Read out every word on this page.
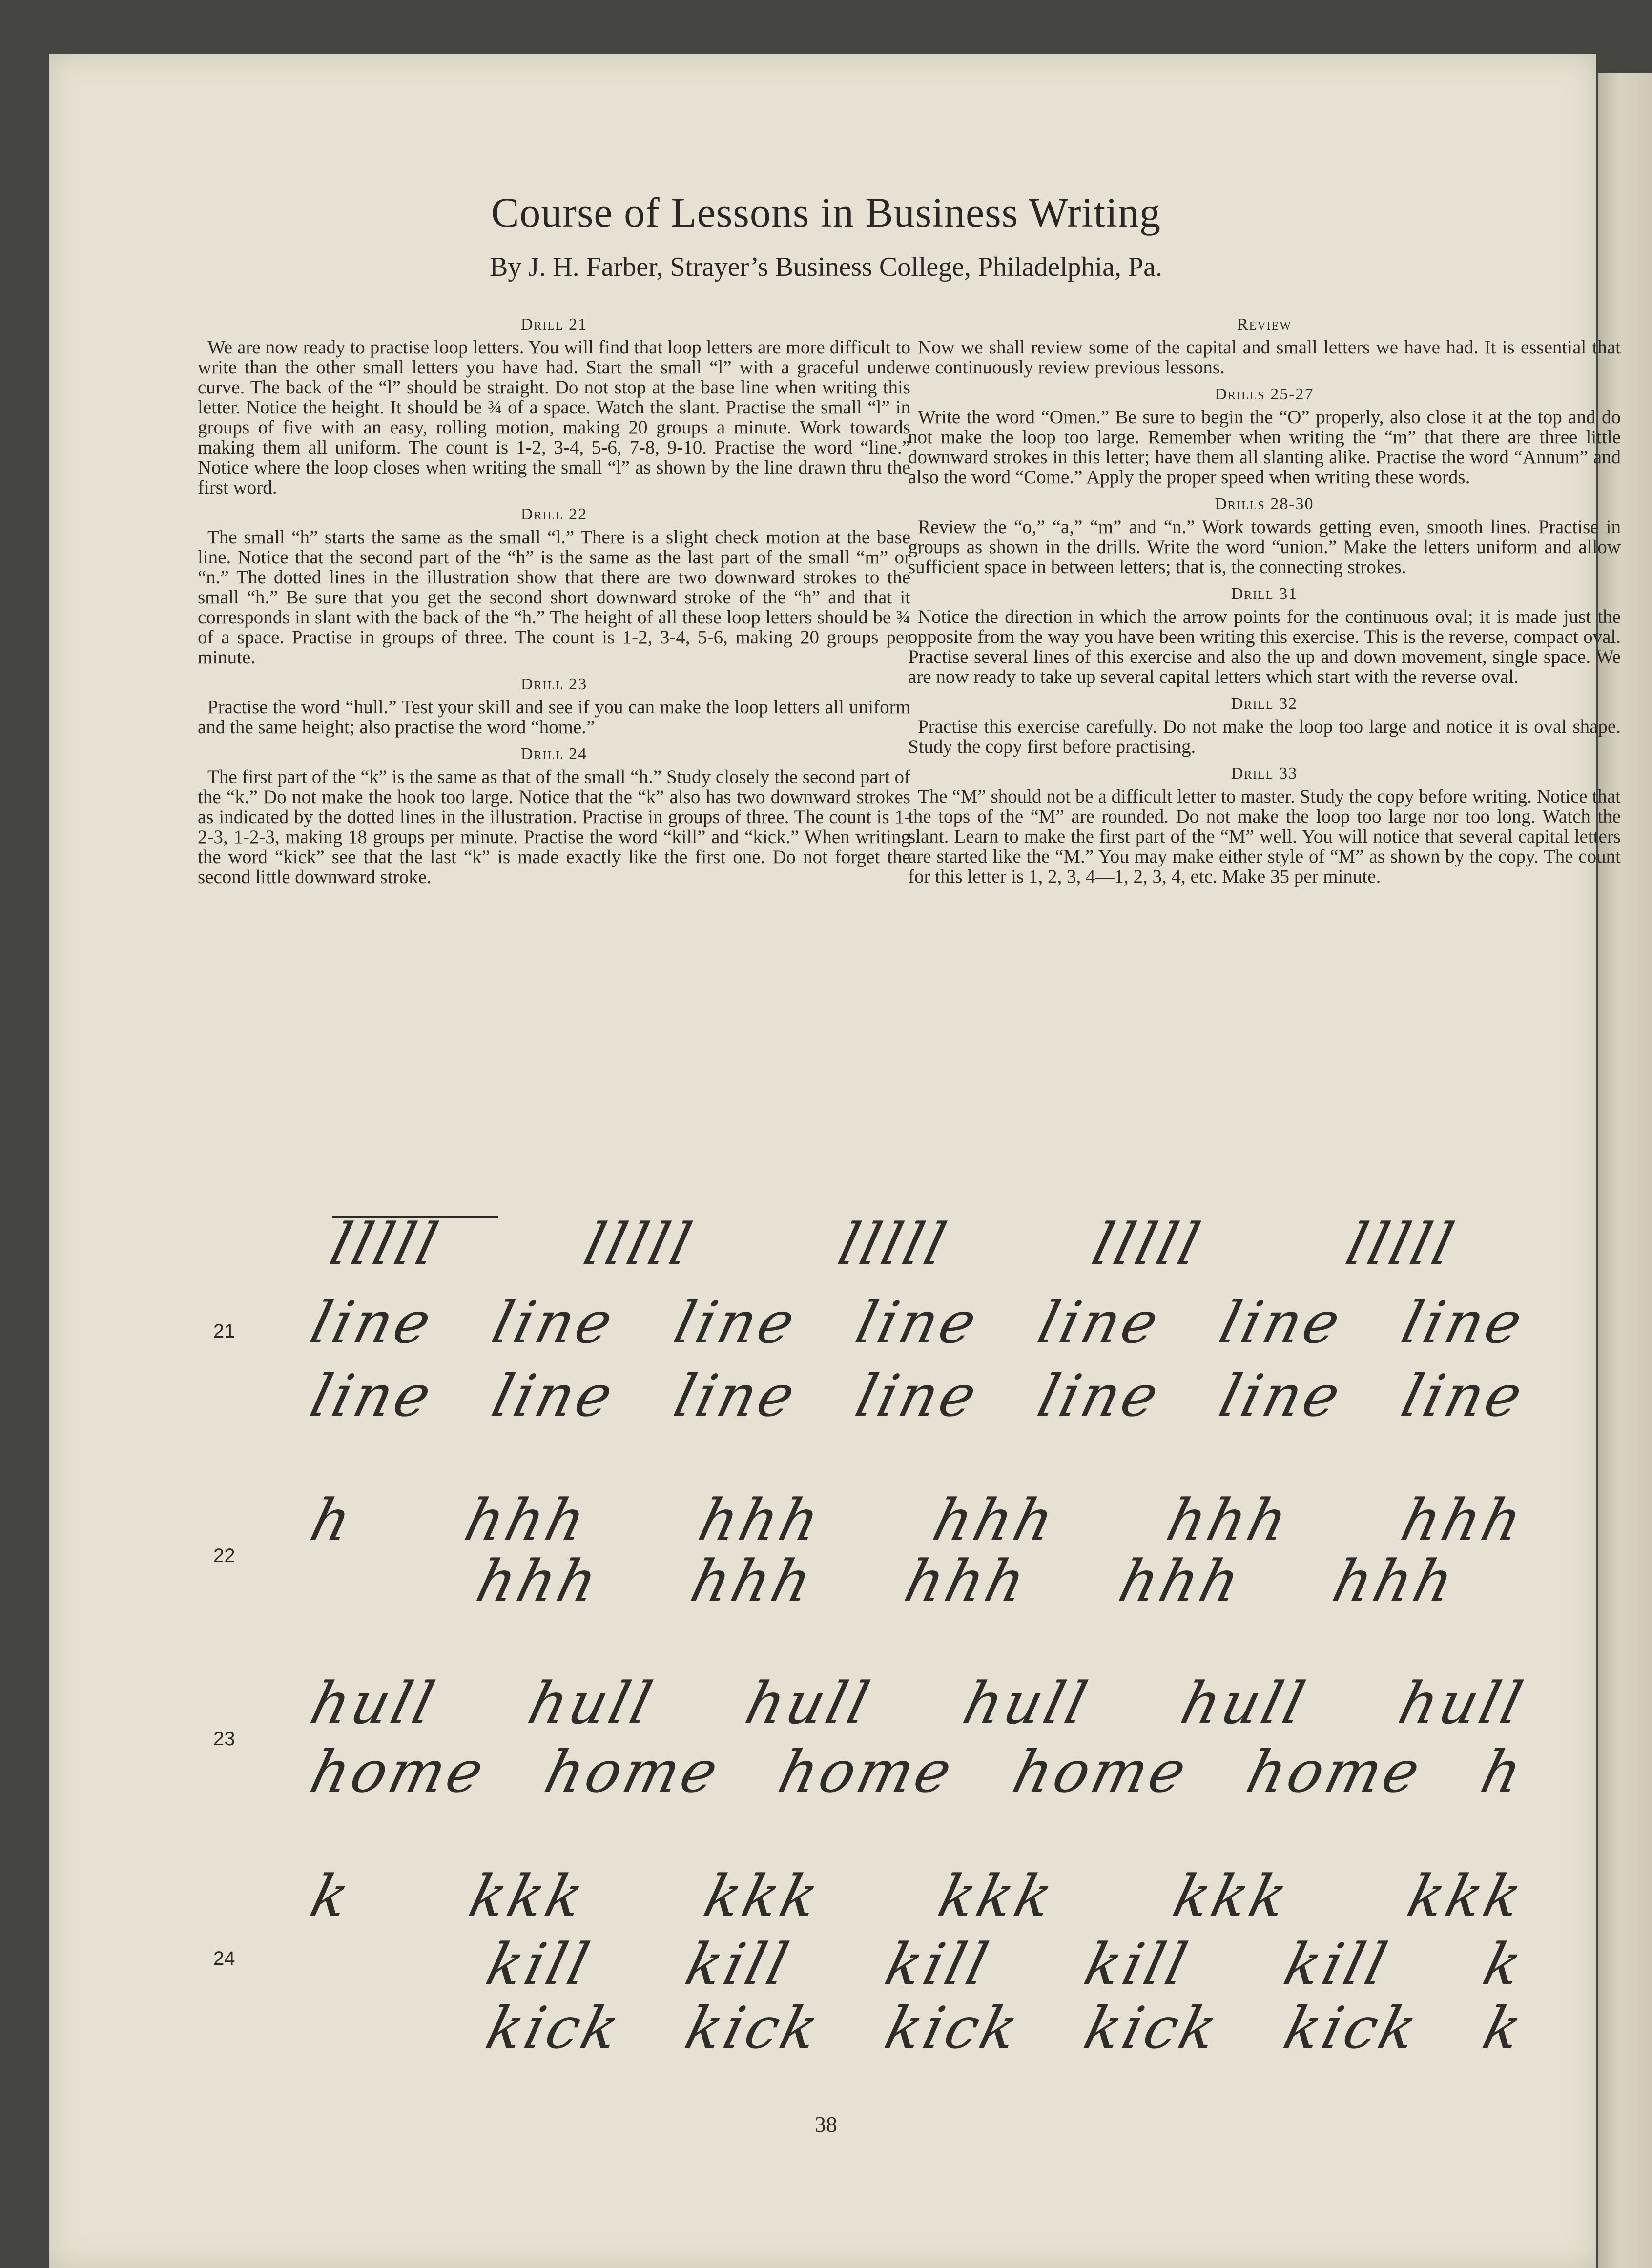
Course of Lessons in Business Writing
By J. H. Farber, Strayer’s Business College, Philadelphia, Pa.
Drill 21

We are now ready to practise loop letters. You will find that loop letters are more difficult to write than the other small letters you have had. Start the small “l” with a graceful under curve. The back of the “l” should be straight. Do not stop at the base line when writing this letter. Notice the height. It should be ¾ of a space. Watch the slant. Practise the small “l” in groups of five with an easy, rolling motion, making 20 groups a minute. Work towards making them all uniform. The count is 1-2, 3-4, 5-6, 7-8, 9-10. Practise the word “line.” Notice where the loop closes when writing the small “l” as shown by the line drawn thru the first word.

Drill 22

The small “h” starts the same as the small “l.” There is a slight check motion at the base line. Notice that the second part of the “h” is the same as the last part of the small “m” or “n.” The dotted lines in the illustration show that there are two downward strokes to the small “h.” Be sure that you get the second short downward stroke of the “h” and that it corresponds in slant with the back of the “h.” The height of all these loop letters should be ¾ of a space. Practise in groups of three. The count is 1-2, 3-4, 5-6, making 20 groups per minute.

Drill 23

Practise the word “hull.” Test your skill and see if you can make the loop letters all uniform and the same height; also practise the word “home.”

Drill 24

The first part of the “k” is the same as that of the small “h.” Study closely the second part of the “k.” Do not make the hook too large. Notice that the “k” also has two downward strokes as indicated by the dotted lines in the illustration. Practise in groups of three. The count is 1-2-3, 1-2-3, making 18 groups per minute. Practise the word “kill” and “kick.” When writing the word “kick” see that the last “k” is made exactly like the first one. Do not forget the second little downward stroke.

Review

Now we shall review some of the capital and small letters we have had. It is essential that we continuously review previous lessons.

Drills 25-27

Write the word “Omen.” Be sure to begin the “O” properly, also close it at the top and do not make the loop too large. Remember when writing the “m” that there are three little downward strokes in this letter; have them all slanting alike. Practise the word “Annum” and also the word “Come.” Apply the proper speed when writing these words.

Drills 28-30

Review the “o,” “a,” “m” and “n.” Work towards getting even, smooth lines. Practise in groups as shown in the drills. Write the word “union.” Make the letters uniform and allow sufficient space in between letters; that is, the connecting strokes.

Drill 31

Notice the direction in which the arrow points for the continuous oval; it is made just the opposite from the way you have been writing this exercise. This is the reverse, compact oval. Practise several lines of this exercise and also the up and down movement, single space. We are now ready to take up several capital letters which start with the reverse oval.

Drill 32

Practise this exercise carefully. Do not make the loop too large and notice it is oval shape. Study the copy first before practising.

Drill 33

The “M” should not be a difficult letter to master. Study the copy before writing. Notice that the tops of the “M” are rounded. Do not make the loop too large nor too long. Watch the slant. Learn to make the first part of the “M” well. You will notice that several capital letters are started like the “M.” You may make either style of “M” as shown by the copy. The count for this letter is 1, 2, 3, 4—1, 2, 3, 4, etc. Make 35 per minute.

21
22
23
24
lllll lllll lllll lllll lllll
line line line line line line line
line line line line line line line
h hhh hhh hhh hhh hhh
hhh hhh hhh hhh hhh
hull hull hull hull hull hull
home home home home home h
k kkk kkk kkk kkk kkk
kill kill kill kill kill k
kick kick kick kick kick k
38
